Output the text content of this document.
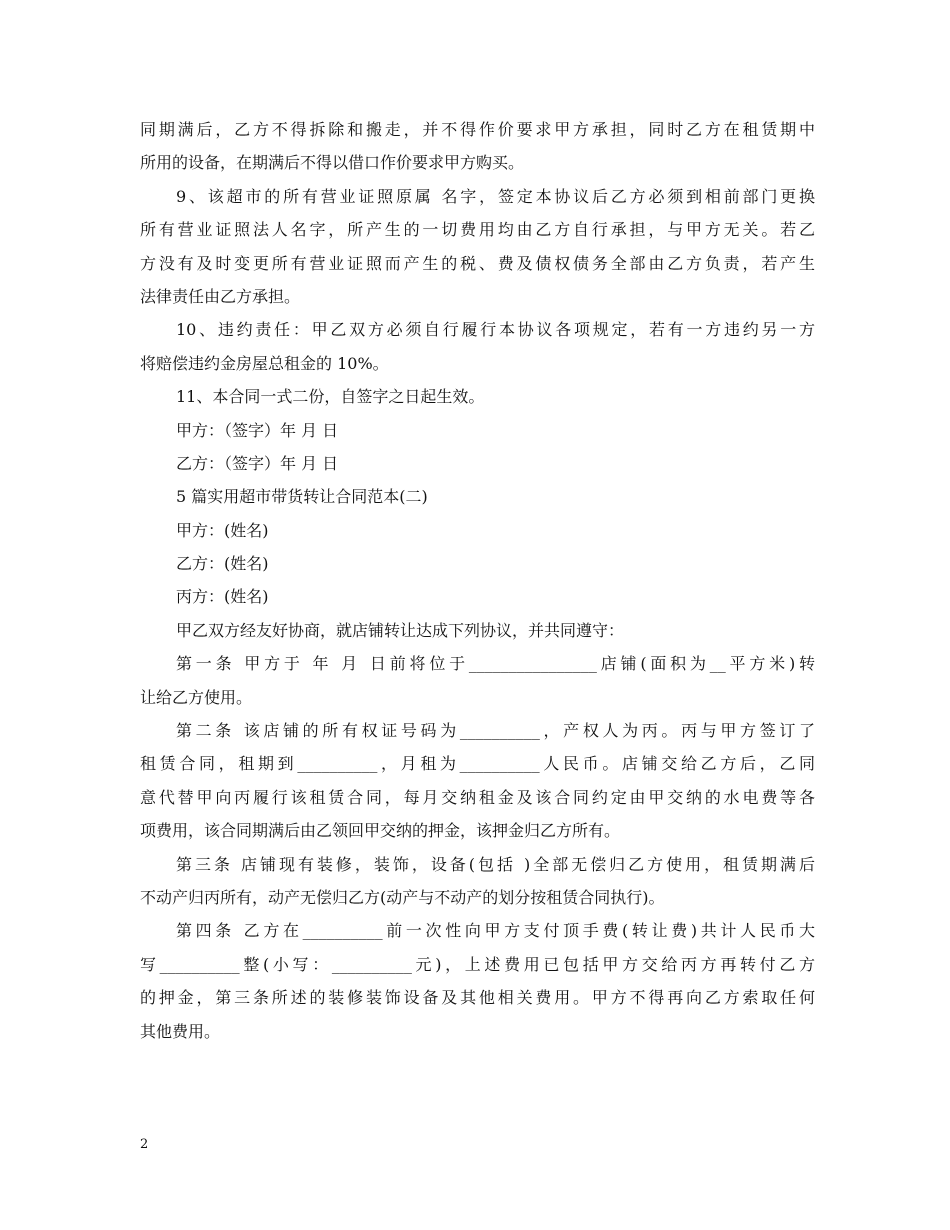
同期满后，乙方不得拆除和搬走，并不得作价要求甲方承担，同时乙方在租赁期中
所用的设备，在期满后不得以借口作价要求甲方购买。
9、该超市的所有营业证照原属 名字，签定本协议后乙方必须到相前部门更换
所有营业证照法人名字，所产生的一切费用均由乙方自行承担，与甲方无关。若乙
方没有及时变更所有营业证照而产生的税、费及债权债务全部由乙方负责，若产生
法律责任由乙方承担。
10、违约责任：甲乙双方必须自行履行本协议各项规定，若有一方违约另一方
将赔偿违约金房屋总租金的 10%。
11、本合同一式二份，自签字之日起生效。
甲方：（签字）年 月 日
乙方：（签字）年 月 日
5 篇实用超市带货转让合同范本(二)
甲方：(姓名)
乙方：(姓名)
丙方：(姓名)
甲乙双方经友好协商，就店铺转让达成下列协议，并共同遵守：
第一条 甲方于 年 月 日前将位于________________店铺(面积为__平方米)转
让给乙方使用。
第二条 该店铺的所有权证号码为__________，产权人为丙。丙与甲方签订了
租赁合同，租期到__________，月租为__________人民币。店铺交给乙方后，乙同
意代替甲向丙履行该租赁合同，每月交纳租金及该合同约定由甲交纳的水电费等各
项费用，该合同期满后由乙领回甲交纳的押金，该押金归乙方所有。
第三条 店铺现有装修，装饰，设备(包括 )全部无偿归乙方使用，租赁期满后
不动产归丙所有，动产无偿归乙方(动产与不动产的划分按租赁合同执行)。
第四条 乙方在__________前一次性向甲方支付顶手费(转让费)共计人民币大
写__________整(小写：__________元)，上述费用已包括甲方交给丙方再转付乙方
的押金，第三条所述的装修装饰设备及其他相关费用。甲方不得再向乙方索取任何
其他费用。
2
